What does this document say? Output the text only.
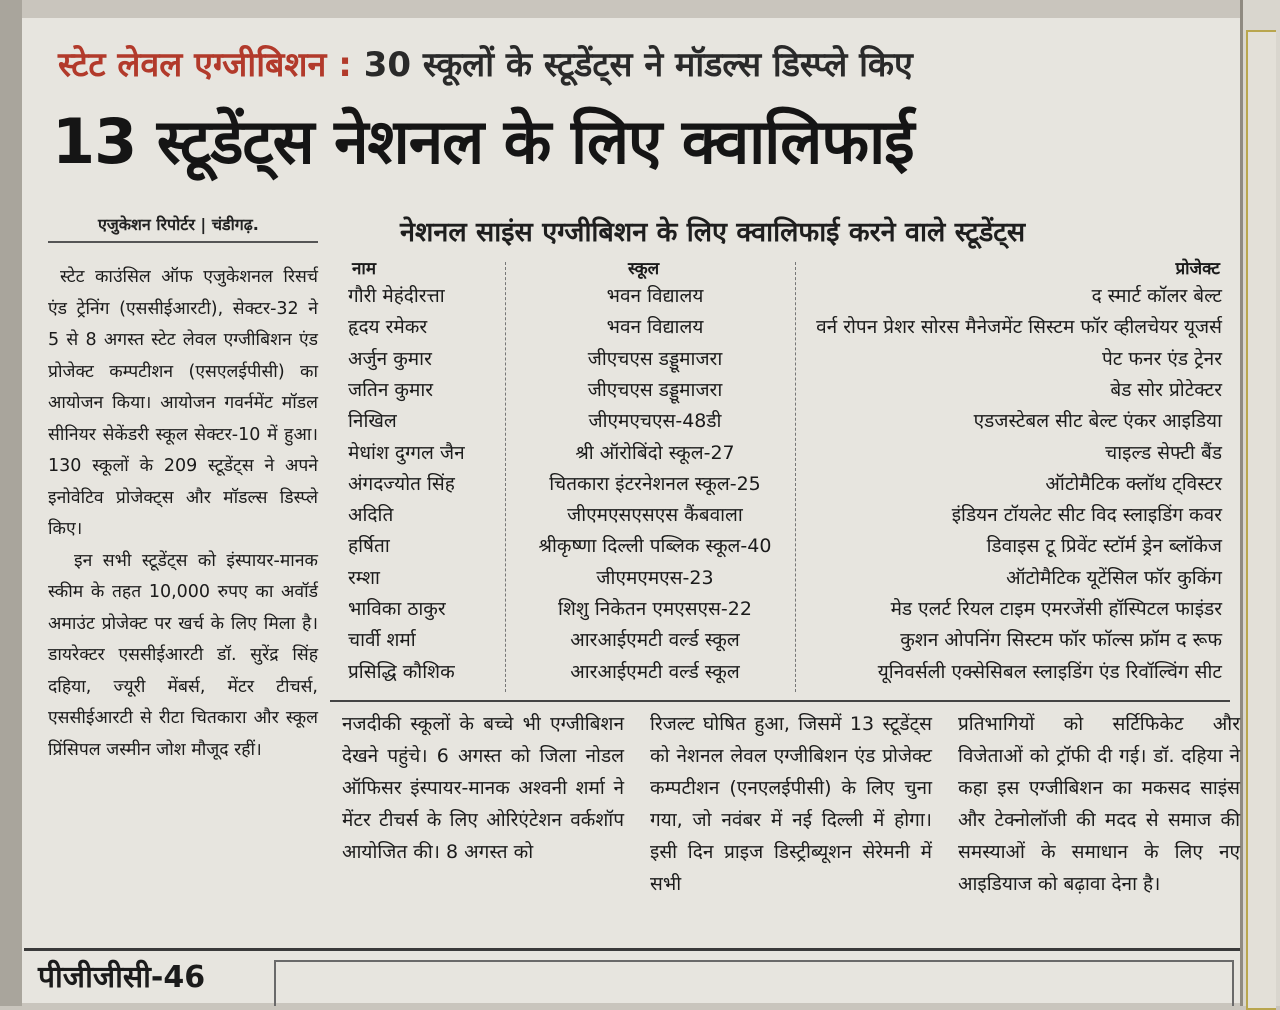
स्टेट लेवल एग्जीबिशन : 30 स्कूलों के स्टूडेंट्स ने मॉडल्स डिस्प्ले किए
13 स्टूडेंट्स नेशनल के लिए क्वालिफाई
एजुकेशन रिपोर्टर | चंडीगढ़.

स्टेट काउंसिल ऑफ एजुकेशनल रिसर्च एंड ट्रेनिंग (एससीईआरटी), सेक्टर-32 ने 5 से 8 अगस्त स्टेट लेवल एग्जीबिशन एंड प्रोजेक्ट कम्पटीशन (एसएलईपीसी) का आयोजन किया। आयोजन गवर्नमेंट मॉडल सीनियर सेकेंडरी स्कूल सेक्टर-10 में हुआ। 130 स्कूलों के 209 स्टूडेंट्स ने अपने इनोवेटिव प्रोजेक्ट्स और मॉडल्स डिस्प्ले किए।

इन सभी स्टूडेंट्स को इंस्पायर-मानक स्कीम के तहत 10,000 रुपए का अवॉर्ड अमाउंट प्रोजेक्ट पर खर्च के लिए मिला है। डायरेक्टर एससीईआरटी डॉ. सुरेंद्र सिंह दहिया, ज्यूरी मेंबर्स, मेंटर टीचर्स, एससीईआरटी से रीटा चितकारा और स्कूल प्रिंसिपल जस्मीन जोश मौजूद रहीं।

नेशनल साइंस एग्जीबिशन के लिए क्वालिफाई करने वाले स्टूडेंट्स
नाम	स्कूल	प्रोजेक्ट
गौरी मेहंदीरत्ता	भवन विद्यालय	द स्मार्ट कॉलर बेल्ट
हृदय रमेकर	भवन विद्यालय	वर्न रोपन प्रेशर सोरस मैनेजमेंट सिस्टम फॉर व्हीलचेयर यूजर्स
अर्जुन कुमार	जीएचएस डड्डूमाजरा	पेट फनर एंड ट्रेनर
जतिन कुमार	जीएचएस डड्डूमाजरा	बेड सोर प्रोटेक्टर
निखिल	जीएमएचएस-48डी	एडजस्टेबल सीट बेल्ट एंकर आइडिया
मेधांश दुग्गल जैन	श्री ऑरोबिंदो स्कूल-27	चाइल्ड सेफ्टी बैंड
अंगदज्योत सिंह	चितकारा इंटरनेशनल स्कूल-25	ऑटोमैटिक क्लॉथ ट्विस्टर
अदिति	जीएमएसएसएस कैंबवाला	इंडियन टॉयलेट सीट विद स्लाइडिंग कवर
हर्षिता	श्रीकृष्णा दिल्ली पब्लिक स्कूल-40	डिवाइस टू प्रिवेंट स्टॉर्म ड्रेन ब्लॉकेज
रम्शा	जीएमएमएस-23	ऑटोमैटिक यूटेंसिल फॉर कुकिंग
भाविका ठाकुर	शिशु निकेतन एमएसएस-22	मेड एलर्ट रियल टाइम एमरजेंसी हॉस्पिटल फाइंडर
चार्वी शर्मा	आरआईएमटी वर्ल्ड स्कूल	कुशन ओपनिंग सिस्टम फॉर फॉल्स फ्रॉम द रूफ
प्रसिद्धि कौशिक	आरआईएमटी वर्ल्ड स्कूल	यूनिवर्सली एक्सेसिबल स्लाइडिंग एंड रिवॉल्विंग सीट

नजदीकी स्कूलों के बच्चे भी एग्जीबिशन देखने पहुंचे। 6 अगस्त को जिला नोडल ऑफिसर इंस्पायर-मानक अश्वनी शर्मा ने मेंटर टीचर्स के लिए ओरिएंटेशन वर्कशॉप आयोजित की। 8 अगस्त को

रिजल्ट घोषित हुआ, जिसमें 13 स्टूडेंट्स को नेशनल लेवल एग्जीबिशन एंड प्रोजेक्ट कम्पटीशन (एनएलईपीसी) के लिए चुना गया, जो नवंबर में नई दिल्ली में होगा। इसी दिन प्राइज डिस्ट्रीब्यूशन सेरेमनी में सभी

प्रतिभागियों को सर्टिफिकेट और विजेताओं को ट्रॉफी दी गई। डॉ. दहिया ने कहा इस एग्जीबिशन का मकसद साइंस और टेक्नोलॉजी की मदद से समाज की समस्याओं के समाधान के लिए नए आइडियाज को बढ़ावा देना है।

पीजीजीसी-46
